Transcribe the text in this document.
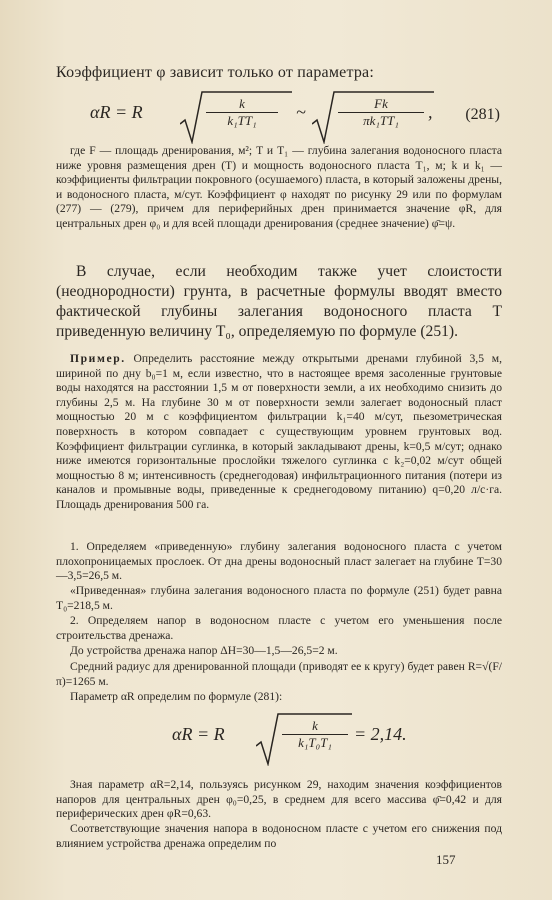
Коэффициент φ зависит только от параметра:
αR = R	$\frac{k}{\text{k₁TT₁}}$ ~ $\frac{Fk}{\text{πk₁TT₁}}$ , (281)

где F — площадь дренирования, м²; T и T₁ — глубина залегания водоносного пласта ниже уровня размещения дрен (T) и мощность водоносного пласта T₁, м; k и k₁ — коэффициенты фильтрации покровного (осушаемого) пласта, в который заложены дрены, и водоносного пласта, м/сут. Коэффициент φ находят по рисунку 29 или по формулам (277) — (279), причем для периферийных дрен принимается значение φR, для центральных дрен φ₀ и для всей площади дренирования (среднее значение) φ̄=ψ.

В случае, если необходим также учет слоистости (неоднородности) грунта, в расчетные формулы вводят вместо фактической глубины залегания водоносного пласта T приведенную величину T₀, определяемую по формуле (251).

Пример. Определить расстояние между открытыми дренами глубиной 3,5 м, шириной по дну b₀=1 м, если известно, что в настоящее время засоленные грунтовые воды находятся на расстоянии 1,5 м от поверхности земли, а их необходимо снизить до глубины 2,5 м. На глубине 30 м от поверхности земли залегает водоносный пласт мощностью 20 м с коэффициентом фильтрации k₁=40 м/сут, пьезометрическая поверхность в котором совпадает с существующим уровнем грунтовых вод. Коэффициент фильтрации суглинка, в который закладывают дрены, k=0,5 м/сут; однако ниже имеются горизонтальные прослойки тяжелого суглинка с k₂=0,02 м/сут общей мощностью 8 м; интенсивность (среднегодовая) инфильтрационного питания (потери из каналов и промывные воды, приведенные к среднегодовому питанию) q=0,20 л/с·га. Площадь дренирования 500 га.

1. Определяем «приведенную» глубину залегания водоносного пласта с учетом плохопроницаемых прослоек. От дна дрены водоносный пласт залегает на глубине T=30—3,5=26,5 м.

«Приведенная» глубина залегания водоносного пласта по формуле (251) будет равна T₀=218,5 м.

2. Определяем напор в водоносном пласте с учетом его уменьшения после строительства дренажа.

До устройства дренажа напор ΔH=30—1,5—26,5=2 м.

Средний радиус для дренированной площади (приводят ее к кругу) будет равен R=√(F/π)=1265 м.

Параметр αR определим по формуле (281):

αR = R	$\frac{k}{\text{k₁T₀T₁}} = 2,14$.

Зная параметр αR=2,14, пользуясь рисунком 29, находим значения коэффициентов напоров для центральных дрен φ₀=0,25, в среднем для всего массива φ̄=0,42 и для периферических дрен φR=0,63.

Соответствующие значения напора в водоносном пласте с учетом его снижения под влиянием устройства дренажа определим по

157
